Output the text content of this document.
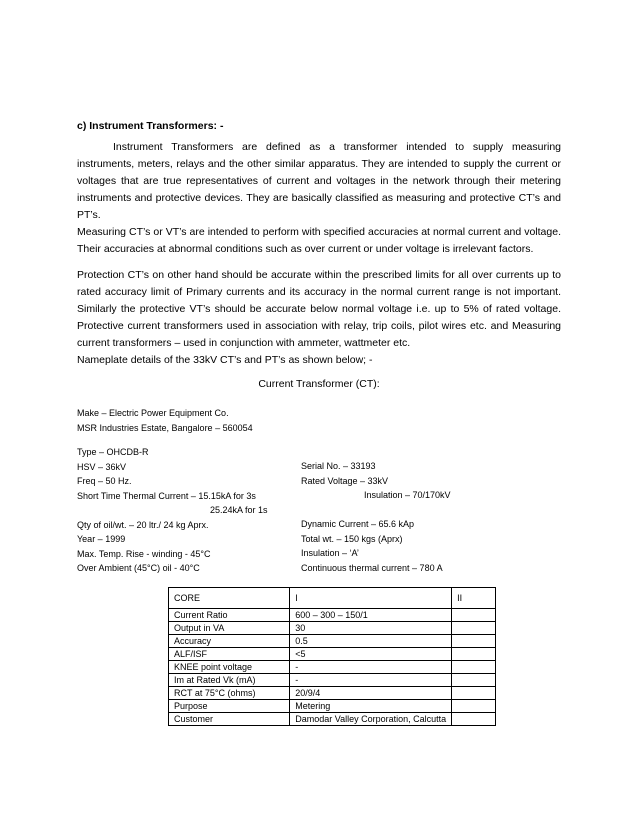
c) Instrument Transformers: -

Instrument Transformers are defined as a transformer intended to supply measuring instruments, meters, relays and the other similar apparatus. They are intended to supply the current or voltages that are true representatives of current and voltages in the network through their metering instruments and protective devices. They are basically classified as measuring and protective CT’s and PT’s.

Measuring CT’s or VT’s are intended to perform with specified accuracies at normal current and voltage. Their accuracies at abnormal conditions such as over current or under voltage is irrelevant factors.

Protection CT’s on other hand should be accurate within the prescribed limits for all over currents up to rated accuracy limit of Primary currents and its accuracy in the normal current range is not important. Similarly the protective VT’s should be accurate below normal voltage i.e. up to 5% of rated voltage. Protective current transformers used in association with relay, trip coils, pilot wires etc. and Measuring current transformers – used in conjunction with ammeter, wattmeter etc.

Nameplate details of the 33kV CT’s and PT’s as shown below; -

Current Transformer (CT):
Make – Electric Power Equipment Co.
MSR Industries Estate, Bangalore – 560054
Type – OHCDB-R
HSV – 36kV
Freq – 50 Hz.
Short Time Thermal Current – 15.15kA for 3s
25.24kA for 1s
Qty of oil/wt. – 20 ltr./ 24 kg Aprx.
Year – 1999
Max. Temp. Rise - winding - 45°C
Over Ambient (45°C) oil - 40°C
Serial No. – 33193
Rated Voltage – 33kV
Insulation – 70/170kV

Dynamic Current – 65.6 kAp
Total wt. – 150 kgs (Aprx)
Insulation – ‘A’
Continuous thermal current – 780 A
CORE	I	II
Current Ratio	600 – 300 – 150/1	
Output in VA	30	
Accuracy	0.5	
ALF/ISF	<5	
KNEE point voltage	-	
Im at Rated Vk (mA)	-	
RCT at 75°C (ohms)	20/9/4	
Purpose	Metering	
Customer	Damodar Valley Corporation, Calcutta	
